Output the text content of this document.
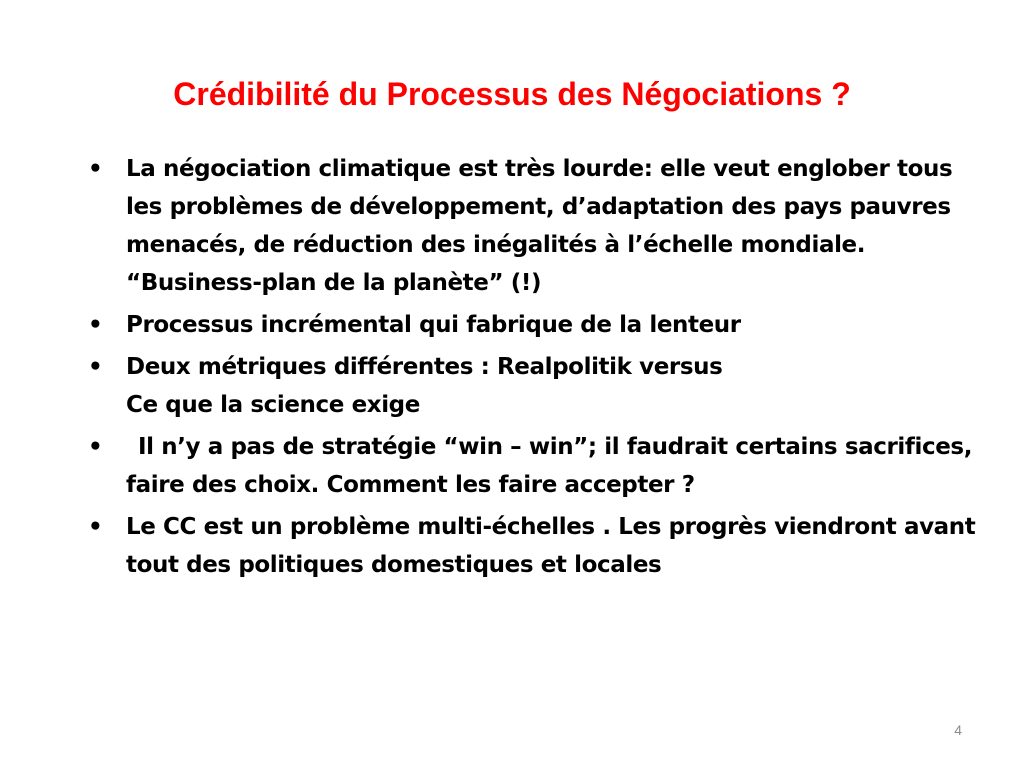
Crédibilité du Processus des Négociations ?
• La négociation climatique est très lourde: elle veut englober tous les problèmes de développement, d’adaptation des pays pauvres menacés, de réduction des inégalités à l’échelle mondiale. “Business-plan de la planète” (!)
• Processus incrémental qui fabrique de la lenteur
• Deux métriques différentes : Realpolitik versus
Ce que la science exige
• Il n’y a pas de stratégie “win – win”; il faudrait certains sacrifices, faire des choix. Comment les faire accepter ?
• Le CC est un problème multi-échelles . Les progrès viendront avant tout des politiques domestiques et locales
4
